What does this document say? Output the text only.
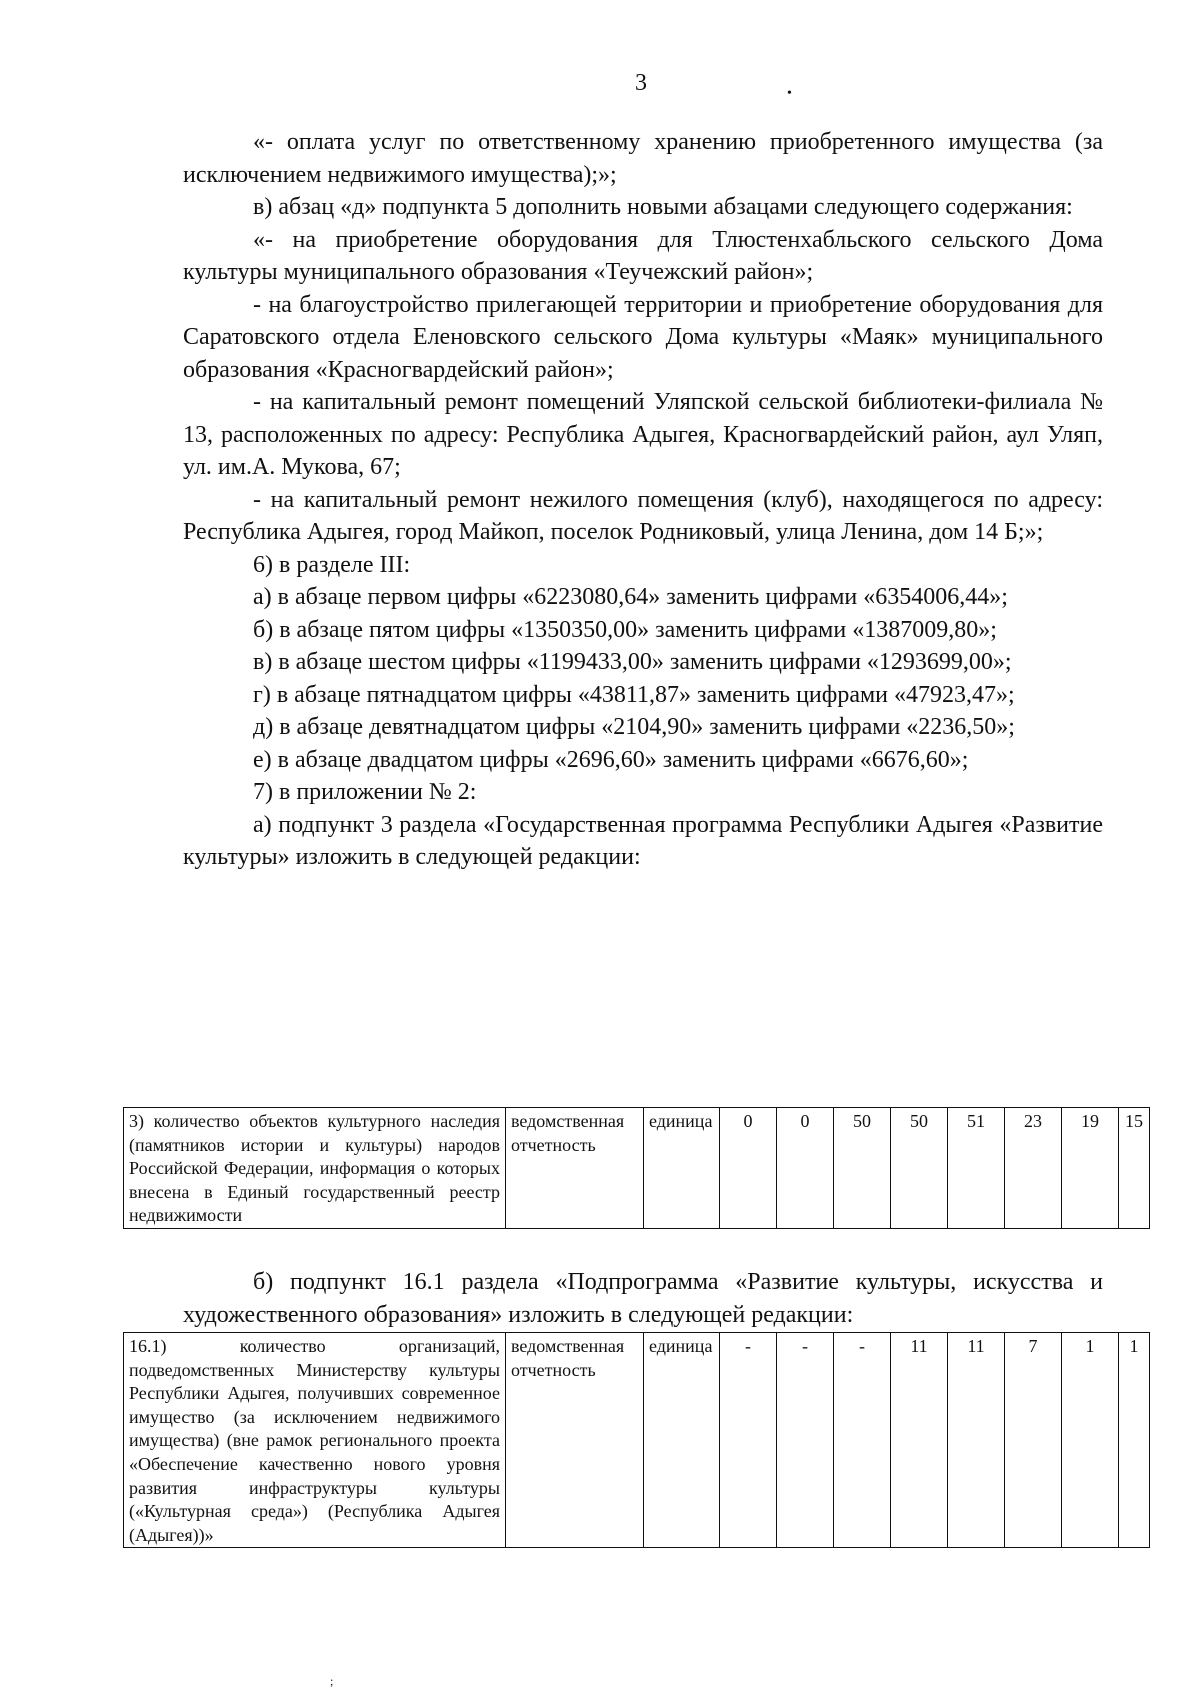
3	•

«- оплата услуг по ответственному хранению приобретенного имущества (за исключением недвижимого имущества);»;

в) абзац «д» подпункта 5 дополнить новыми абзацами следующего содержания:

«- на приобретение оборудования для Тлюстенхабльского сельского Дома культуры муниципального образования «Теучежский район»;

- на благоустройство прилегающей территории и приобретение оборудования для Саратовского отдела Еленовского сельского Дома культуры «Маяк» муниципального образования «Красногвардейский район»;

- на капитальный ремонт помещений Уляпской сельской библиотеки-филиала № 13, расположенных по адресу: Республика Адыгея, Красногвардейский район, аул Уляп, ул. им.А. Мукова, 67;

- на капитальный ремонт нежилого помещения (клуб), находящегося по адресу: Республика Адыгея, город Майкоп, поселок Родниковый, улица Ленина, дом 14 Б;»;

6) в разделе III:

а) в абзаце первом цифры «6223080,64» заменить цифрами «6354006,44»;

б) в абзаце пятом цифры «1350350,00» заменить цифрами «1387009,80»;

в) в абзаце шестом цифры «1199433,00» заменить цифрами «1293699,00»;

г) в абзаце пятнадцатом цифры «43811,87» заменить цифрами «47923,47»;

д) в абзаце девятнадцатом цифры «2104,90» заменить цифрами «2236,50»;

е) в абзаце двадцатом цифры «2696,60» заменить цифрами «6676,60»;

7) в приложении № 2:

а) подпункт 3 раздела «Государственная программа Республики Адыгея «Развитие культуры» изложить в следующей редакции:

3) количество объектов культурного наследия (памятников истории и культуры) народов Российской Федерации, информация о которых внесена в Единый государственный реестр недвижимости	ведомственная отчетность	единица	0	0	50	50	51	23	19	15

б) подпункт 16.1 раздела «Подпрограмма «Развитие культуры, искусства и художественного образования» изложить в следующей редакции:

16.1) количество организаций, подведомственных Министерству культуры Республики Адыгея, получивших современное имущество (за исключением недвижимого имущества) (вне рамок регионального проекта «Обеспечение качественно нового уровня развития инфраструктуры культуры («Культурная среда») (Республика Адыгея (Адыгея))»	ведомственная отчетность	единица	-	-	-	11	11	7	1	1
;
